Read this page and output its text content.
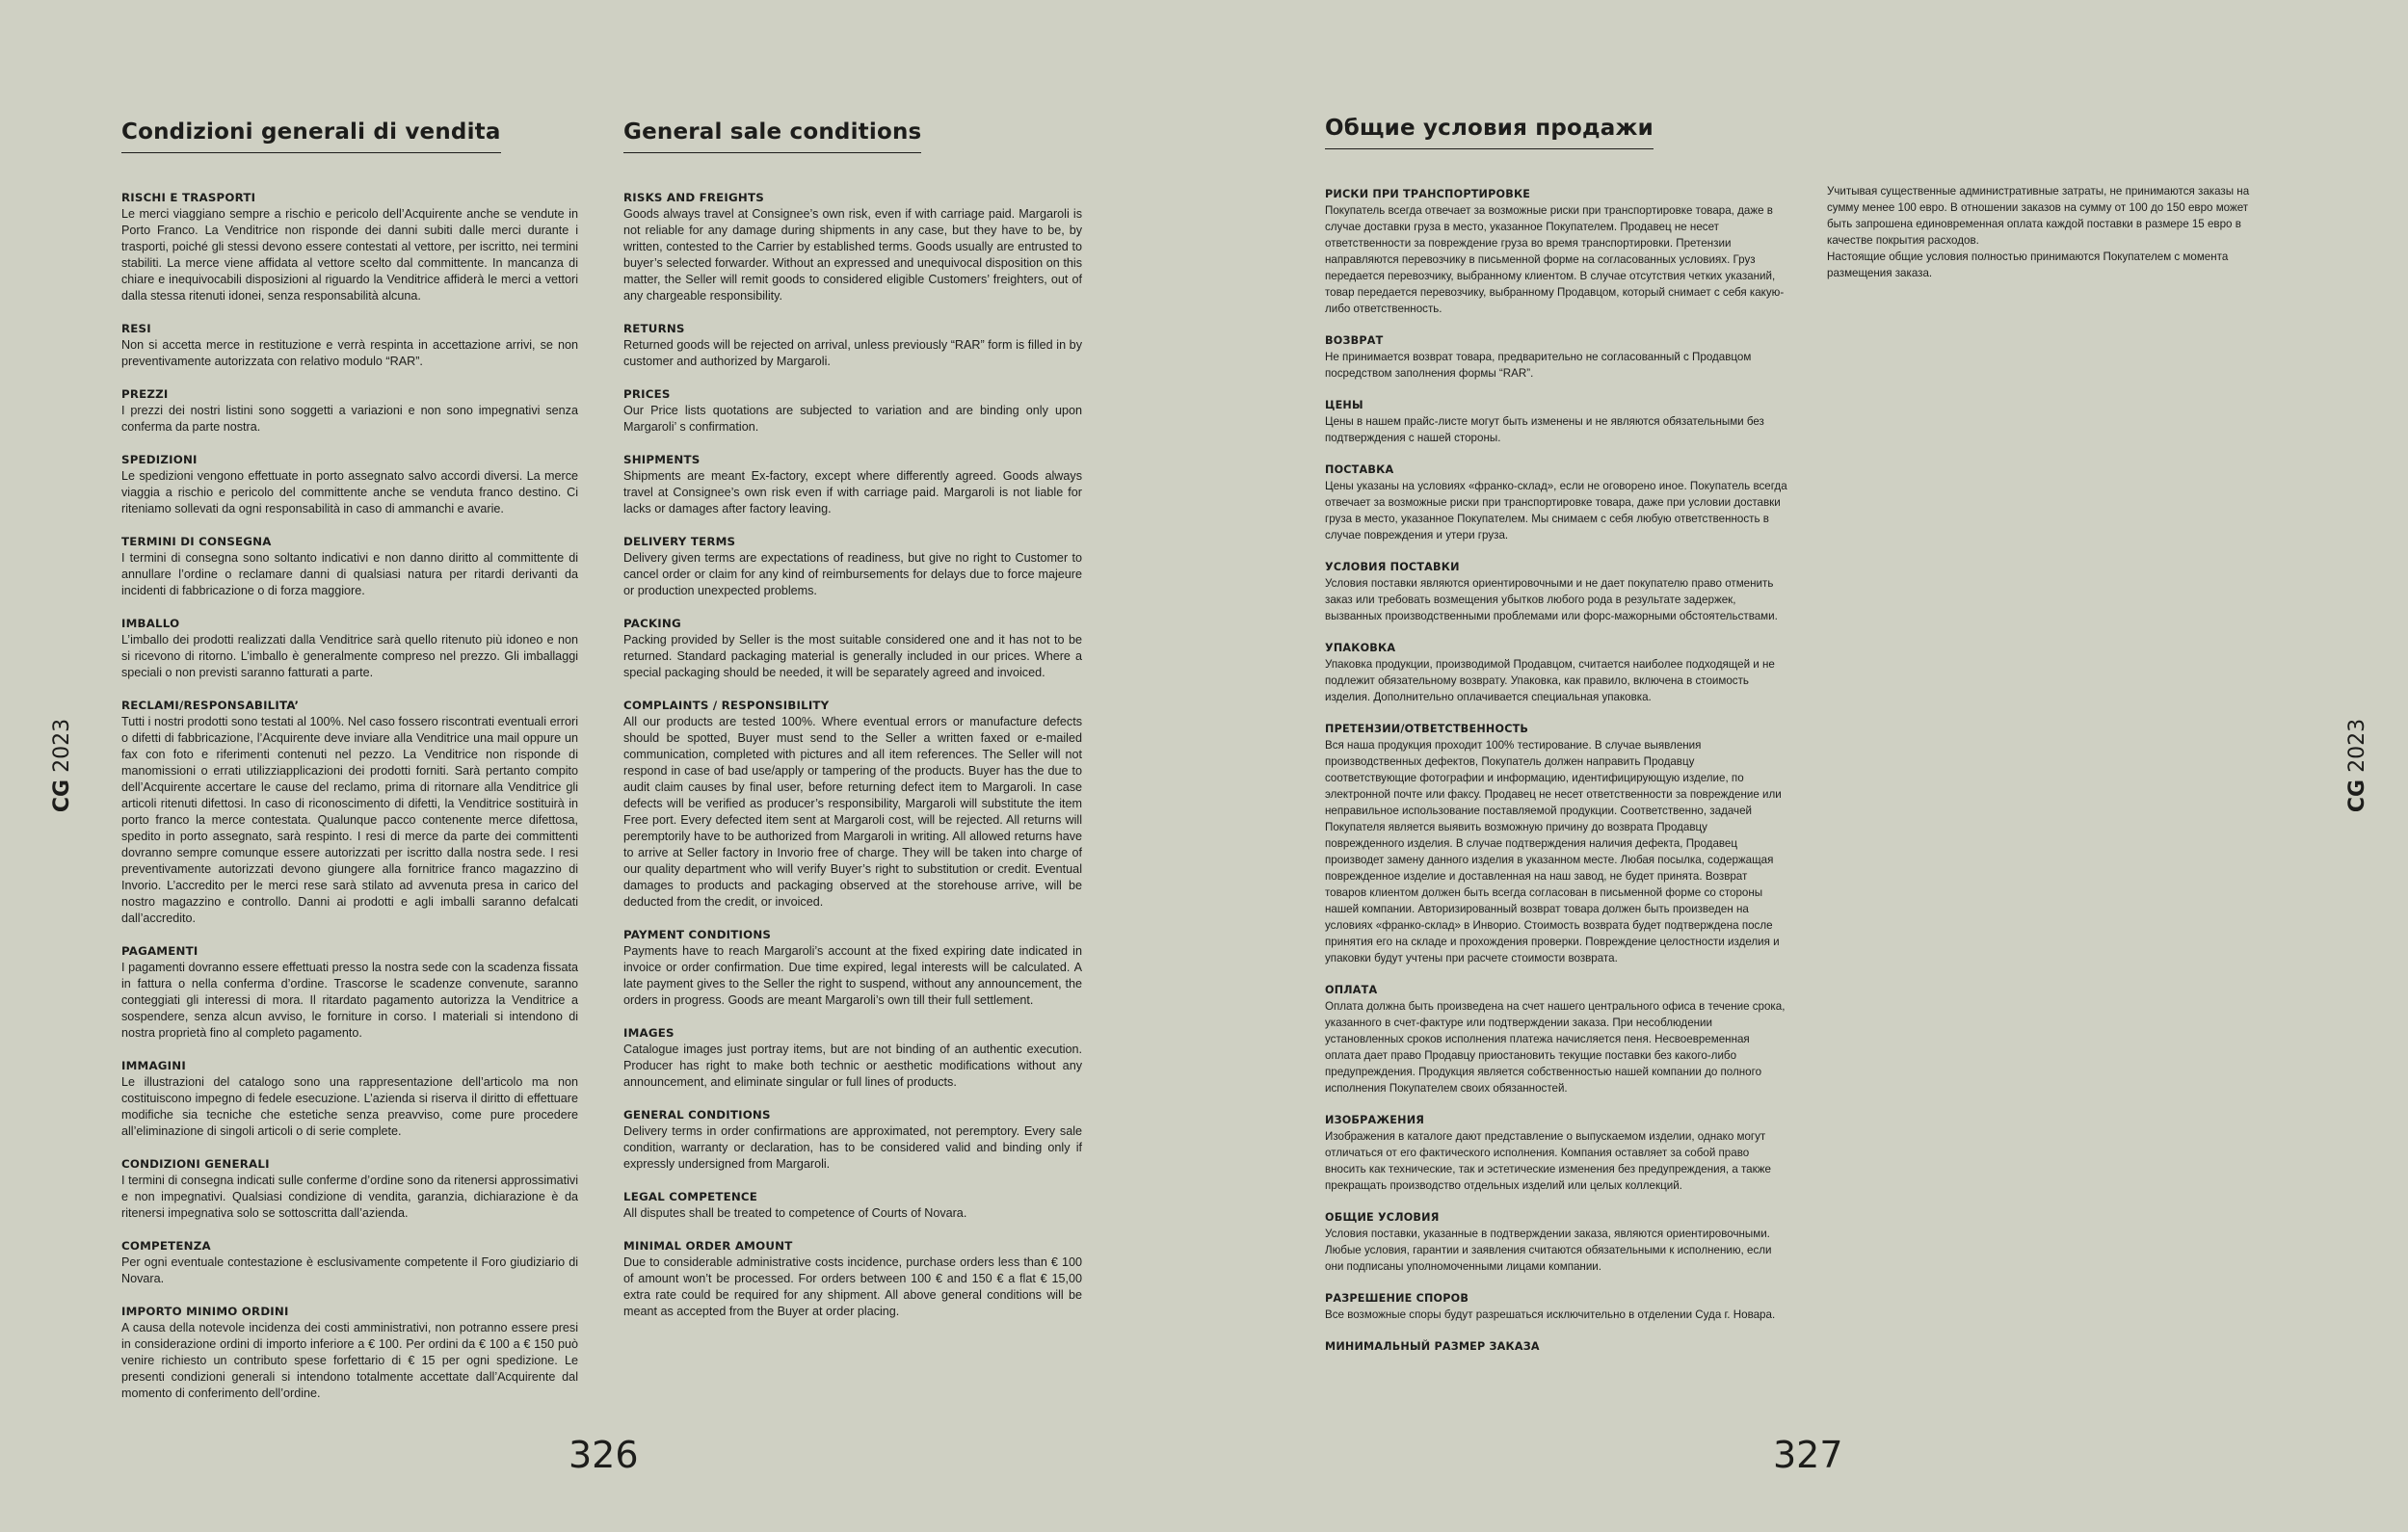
Condizioni generali di vendita
RISCHI E TRASPORTI

Le merci viaggiano sempre a rischio e pericolo dell’Acquirente anche se vendute in Porto Franco. La Venditrice non risponde dei danni subiti dalle merci durante i trasporti, poiché gli stessi devono essere contestati al vettore, per iscritto, nei termini stabiliti. La merce viene affidata al vettore scelto dal committente. In mancanza di chiare e inequivocabili disposizioni al riguardo la Venditrice affiderà le merci a vettori dalla stessa ritenuti idonei, senza responsabilità alcuna.

RESI

Non si accetta merce in restituzione e verrà respinta in accettazione arrivi, se non preventivamente autorizzata con relativo modulo “RAR”.

PREZZI

I prezzi dei nostri listini sono soggetti a variazioni e non sono impegnativi senza conferma da parte nostra.

SPEDIZIONI

Le spedizioni vengono effettuate in porto assegnato salvo accordi diversi. La merce viaggia a rischio e pericolo del committente anche se venduta franco destino. Ci riteniamo sollevati da ogni responsabilità in caso di ammanchi e avarie.

TERMINI DI CONSEGNA

I termini di consegna sono soltanto indicativi e non danno diritto al committente di annullare l’ordine o reclamare danni di qualsiasi natura per ritardi derivanti da incidenti di fabbricazione o di forza maggiore.

IMBALLO

L’imballo dei prodotti realizzati dalla Venditrice sarà quello ritenuto più idoneo e non si ricevono di ritorno. L’imballo è generalmente compreso nel prezzo. Gli imballaggi speciali o non previsti saranno fatturati a parte.

RECLAMI/RESPONSABILITA’

Tutti i nostri prodotti sono testati al 100%. Nel caso fossero riscontrati eventuali errori o difetti di fabbricazione, l’Acquirente deve inviare alla Venditrice una mail oppure un fax con foto e riferimenti contenuti nel pezzo. La Venditrice non risponde di manomissioni o errati utilizziapplicazioni dei prodotti forniti. Sarà pertanto compito dell’Acquirente accertare le cause del reclamo, prima di ritornare alla Venditrice gli articoli ritenuti difettosi. In caso di riconoscimento di difetti, la Venditrice sostituirà in porto franco la merce contestata. Qualunque pacco contenente merce difettosa, spedito in porto assegnato, sarà respinto. I resi di merce da parte dei committenti dovranno sempre comunque essere autorizzati per iscritto dalla nostra sede. I resi preventivamente autorizzati devono giungere alla fornitrice franco magazzino di Invorio. L’accredito per le merci rese sarà stilato ad avvenuta presa in carico del nostro magazzino e controllo. Danni ai prodotti e agli imballi saranno defalcati dall’accredito.

PAGAMENTI

I pagamenti dovranno essere effettuati presso la nostra sede con la scadenza fissata in fattura o nella conferma d’ordine. Trascorse le scadenze convenute, saranno conteggiati gli interessi di mora. Il ritardato pagamento autorizza la Venditrice a sospendere, senza alcun avviso, le forniture in corso. I materiali si intendono di nostra proprietà fino al completo pagamento.

IMMAGINI

Le illustrazioni del catalogo sono una rappresentazione dell’articolo ma non costituiscono impegno di fedele esecuzione. L’azienda si riserva il diritto di effettuare modifiche sia tecniche che estetiche senza preavviso, come pure procedere all’eliminazione di singoli articoli o di serie complete.

CONDIZIONI GENERALI

I termini di consegna indicati sulle conferme d’ordine sono da ritenersi approssimativi e non impegnativi. Qualsiasi condizione di vendita, garanzia, dichiarazione è da ritenersi impegnativa solo se sottoscritta dall’azienda.

COMPETENZA

Per ogni eventuale contestazione è esclusivamente competente il Foro giudiziario di Novara.

IMPORTO MINIMO ORDINI

A causa della notevole incidenza dei costi amministrativi, non potranno essere presi in considerazione ordini di importo inferiore a € 100. Per ordini da € 100 a € 150 può venire richiesto un contributo spese forfettario di € 15 per ogni spedizione. Le presenti condizioni generali si intendono totalmente accettate dall’Acquirente dal momento di conferimento dell’ordine.

General sale conditions
RISKS AND FREIGHTS

Goods always travel at Consignee’s own risk, even if with carriage paid. Margaroli is not reliable for any damage during shipments in any case, but they have to be, by written, contested to the Carrier by established terms. Goods usually are entrusted to buyer’s selected forwarder. Without an expressed and unequivocal disposition on this matter, the Seller will remit goods to considered eligible Customers’ freighters, out of any chargeable responsibility.

RETURNS

Returned goods will be rejected on arrival, unless previously “RAR” form is filled in by customer and authorized by Margaroli.

PRICES

Our Price lists quotations are subjected to variation and are binding only upon Margaroli’ s confirmation.

SHIPMENTS

Shipments are meant Ex-factory, except where differently agreed. Goods always travel at Consignee’s own risk even if with carriage paid. Margaroli is not liable for lacks or damages after factory leaving.

DELIVERY TERMS

Delivery given terms are expectations of readiness, but give no right to Customer to cancel order or claim for any kind of reimbursements for delays due to force majeure or production unexpected problems.

PACKING

Packing provided by Seller is the most suitable considered one and it has not to be returned. Standard packaging material is generally included in our prices. Where a special packaging should be needed, it will be separately agreed and invoiced.

COMPLAINTS / RESPONSIBILITY

All our products are tested 100%. Where eventual errors or manufacture defects should be spotted, Buyer must send to the Seller a written faxed or e-mailed communication, completed with pictures and all item references. The Seller will not respond in case of bad use/apply or tampering of the products. Buyer has the due to audit claim causes by final user, before returning defect item to Margaroli. In case defects will be verified as producer’s responsibility, Margaroli will substitute the item Free port. Every defected item sent at Margaroli cost, will be rejected. All returns will peremptorily have to be authorized from Margaroli in writing. All allowed returns have to arrive at Seller factory in Invorio free of charge. They will be taken into charge of our quality department who will verify Buyer’s right to substitution or credit. Eventual damages to products and packaging observed at the storehouse arrive, will be deducted from the credit, or invoiced.

PAYMENT CONDITIONS

Payments have to reach Margaroli’s account at the fixed expiring date indicated in invoice or order confirmation. Due time expired, legal interests will be calculated. A late payment gives to the Seller the right to suspend, without any announcement, the orders in progress. Goods are meant Margaroli’s own till their full settlement.

IMAGES

Catalogue images just portray items, but are not binding of an authentic execution. Producer has right to make both technic or aesthetic modifications without any announcement, and eliminate singular or full lines of products.

GENERAL CONDITIONS

Delivery terms in order confirmations are approximated, not peremptory. Every sale condition, warranty or declaration, has to be considered valid and binding only if expressly undersigned from Margaroli.

LEGAL COMPETENCE

All disputes shall be treated to competence of Courts of Novara.

MINIMAL ORDER AMOUNT

Due to considerable administrative costs incidence, purchase orders less than € 100 of amount won’t be processed. For orders between 100 € and 150 € a flat € 15,00 extra rate could be required for any shipment. All above general conditions will be meant as accepted from the Buyer at order placing.

Общие условия продажи
РИСКИ ПРИ ТРАНСПОРТИРОВКЕ

Покупатель всегда отвечает за возможные риски при транспортировке товара, даже в случае доставки груза в место, указанное Покупателем. Продавец не несет ответственности за повреждение груза во время транспортировки. Претензии направляются перевозчику в письменной форме на согласованных условиях. Груз передается перевозчику, выбранному клиентом. В случае отсутствия четких указаний, товар передается перевозчику, выбранному Продавцом, который снимает с себя какую-либо ответственность.

ВОЗВРАТ

Не принимается возврат товара, предварительно не согласованный с Продавцом посредством заполнения формы “RAR”.

ЦЕНЫ

Цены в нашем прайс-листе могут быть изменены и не являются обязательными без подтверждения с нашей стороны.

ПОСТАВКА

Цены указаны на условиях «франко-склад», если не оговорено иное. Покупатель всегда отвечает за возможные риски при транспортировке товара, даже при условии доставки груза в место, указанное Покупателем. Мы снимаем с себя любую ответственность в случае повреждения и утери груза.

УСЛОВИЯ ПОСТАВКИ

Условия поставки являются ориентировочными и не дает покупателю право отменить заказ или требовать возмещения убытков любого рода в результате задержек, вызванных производственными проблемами или форс-мажорными обстоятельствами.

УПАКОВКА

Упаковка продукции, производимой Продавцом, считается наиболее подходящей и не подлежит обязательному возврату. Упаковка, как правило, включена в стоимость изделия. Дополнительно оплачивается специальная упаковка.

ПРЕТЕНЗИИ/ОТВЕТСТВЕННОСТЬ

Вся наша продукция проходит 100% тестирование. В случае выявления производственных дефектов, Покупатель должен направить Продавцу соответствующие фотографии и информацию, идентифицирующую изделие, по электронной почте или факсу. Продавец не несет ответственности за повреждение или неправильное использование поставляемой продукции. Соответственно, задачей Покупателя является выявить возможную причину до возврата Продавцу поврежденного изделия. В случае подтверждения наличия дефекта, Продавец производет замену данного изделия в указанном месте. Любая посылка, содержащая поврежденное изделие и доставленная на наш завод, не будет принята. Возврат товаров клиентом должен быть всегда согласован в письменной форме со стороны нашей компании. Авторизированный возврат товара должен быть произведен на условиях «франко-склад» в Инворио. Стоимость возврата будет подтверждена после принятия его на складе и прохождения проверки. Повреждение целостности изделия и упаковки будут учтены при расчете стоимости возврата.

ОПЛАТА

Оплата должна быть произведена на счет нашего центрального офиса в течение срока, указанного в счет-фактуре или подтверждении заказа. При несоблюдении установленных сроков исполнения платежа начисляется пеня. Несвоевременная оплата дает право Продавцу приостановить текущие поставки без какого-либо предупреждения. Продукция является собственностью нашей компании до полного исполнения Покупателем своих обязанностей.

ИЗОБРАЖЕНИЯ

Изображения в каталоге дают представление о выпускаемом изделии, однако могут отличаться от его фактического исполнения. Компания оставляет за собой право вносить как технические, так и эстетические изменения без предупреждения, а также прекращать производство отдельных изделий или целых коллекций.

ОБЩИЕ УСЛОВИЯ

Условия поставки, указанные в подтверждении заказа, являются ориентировочными. Любые условия, гарантии и заявления считаются обязательными к исполнению, если они подписаны уполномоченными лицами компании.

РАЗРЕШЕНИЕ СПОРОВ

Все возможные споры будут разрешаться исключительно в отделении Суда г. Новара.

МИНИМАЛЬНЫЙ РАЗМЕР ЗАКАЗА

Учитывая существенные административные затраты, не принимаются заказы на сумму менее 100 евро. В отношении заказов на сумму от 100 до 150 евро может быть запрошена единовременная оплата каждой поставки в размере 15 евро в качестве покрытия расходов.

Настоящие общие условия полностью принимаются Покупателем с момента размещения заказа.

326	327
CG 2023
CG 2023
